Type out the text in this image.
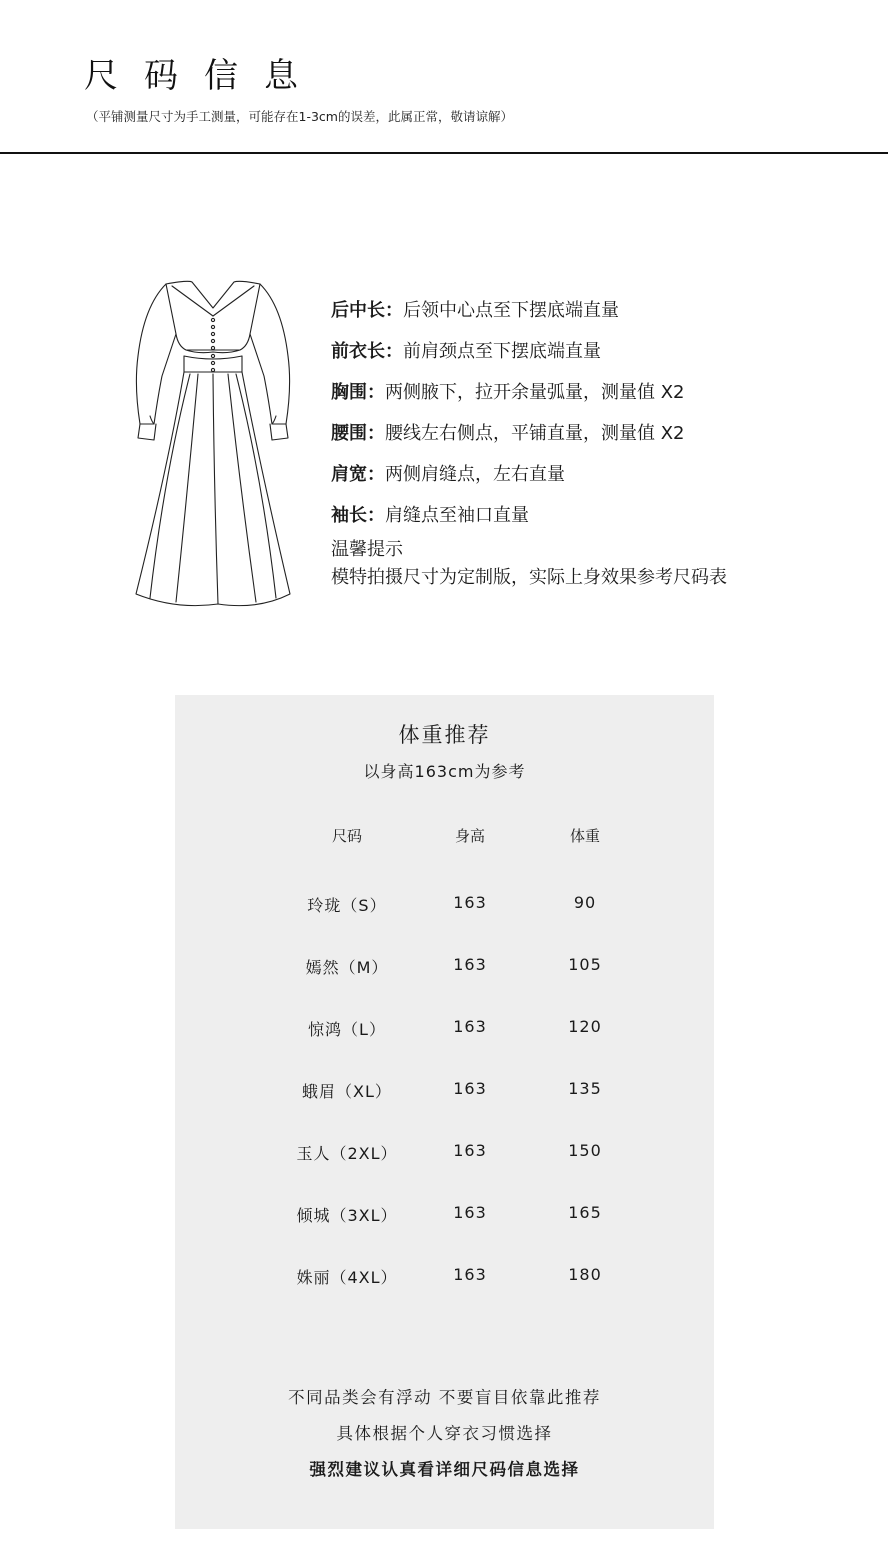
尺码信息
（平铺测量尺寸为手工测量，可能存在1-3cm的误差，此属正常，敬请谅解）
后中长：后领中心点至下摆底端直量
前衣长：前肩颈点至下摆底端直量
胸围：两侧腋下，拉开余量弧量，测量值 X2
腰围：腰线左右侧点，平铺直量，测量值 X2
肩宽：两侧肩缝点，左右直量
袖长：肩缝点至袖口直量
温馨提示
模特拍摄尺寸为定制版，实际上身效果参考尺码表
体重推荐
以身高163cm为参考
尺码	身高	体重
玲珑（S）	163	90
嫣然（M）	163	105
惊鸿（L）	163	120
蛾眉（XL）	163	135
玉人（2XL）	163	150
倾城（3XL）	163	165
姝丽（4XL）	163	180
不同品类会有浮动 不要盲目依靠此推荐
具体根据个人穿衣习惯选择
强烈建议认真看详细尺码信息选择
